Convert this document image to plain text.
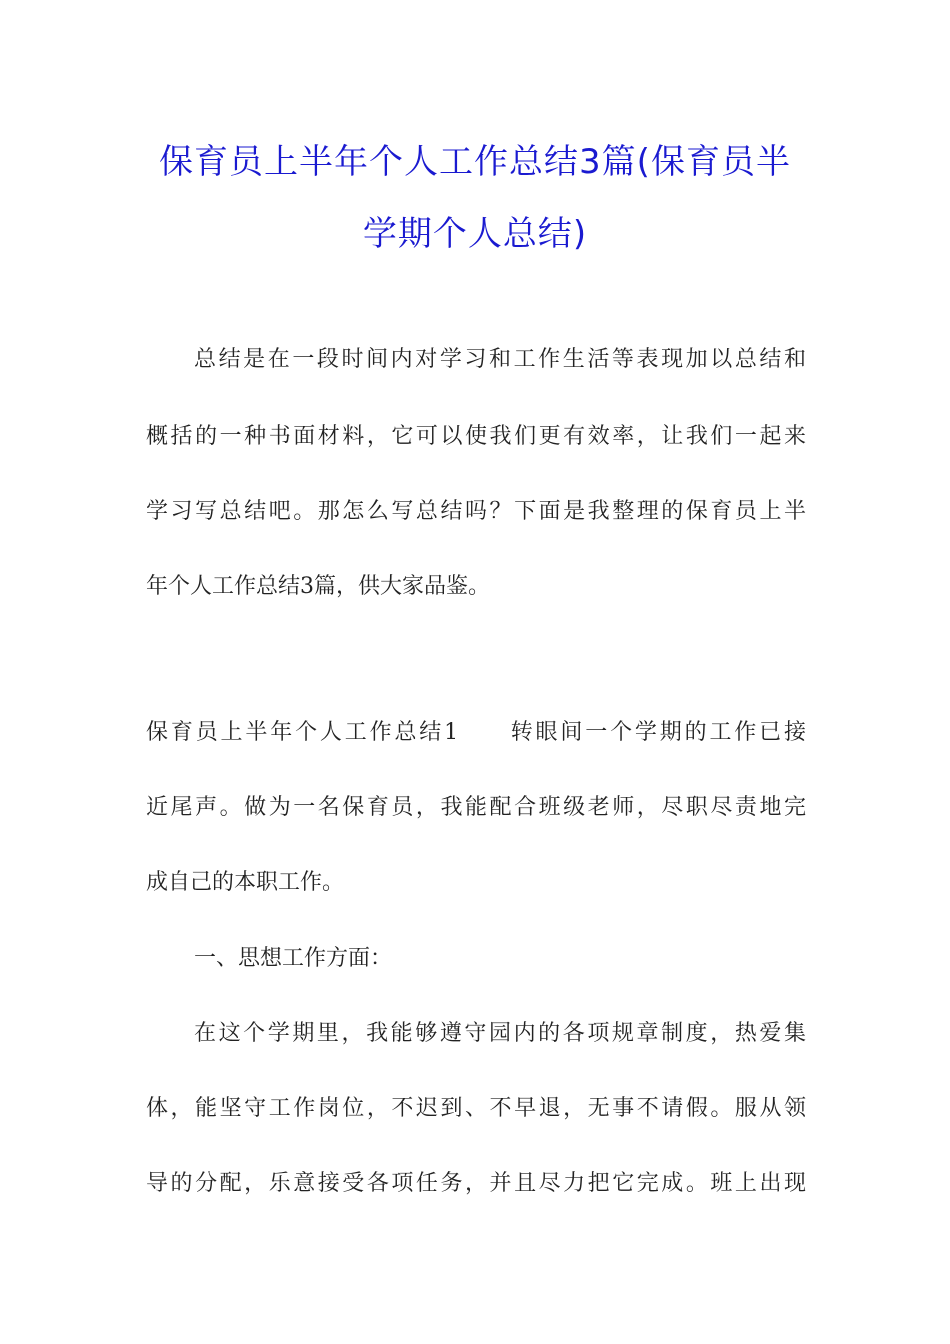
保育员上半年个人工作总结3篇(保育员半
学期个人总结)
总结是在一段时间内对学习和工作生活等表现加以总结和
概括的一种书面材料，它可以使我们更有效率，让我们一起来
学习写总结吧。那怎么写总结吗？下面是我整理的保育员上半
年个人工作总结3篇，供大家品鉴。
保育员上半年个人工作总结1　　转眼间一个学期的工作已接
近尾声。做为一名保育员，我能配合班级老师，尽职尽责地完
成自己的本职工作。
一、思想工作方面：
在这个学期里，我能够遵守园内的各项规章制度，热爱集
体，能坚守工作岗位，不迟到、不早退，无事不请假。服从领
导的分配，乐意接受各项任务，并且尽力把它完成。班上出现
